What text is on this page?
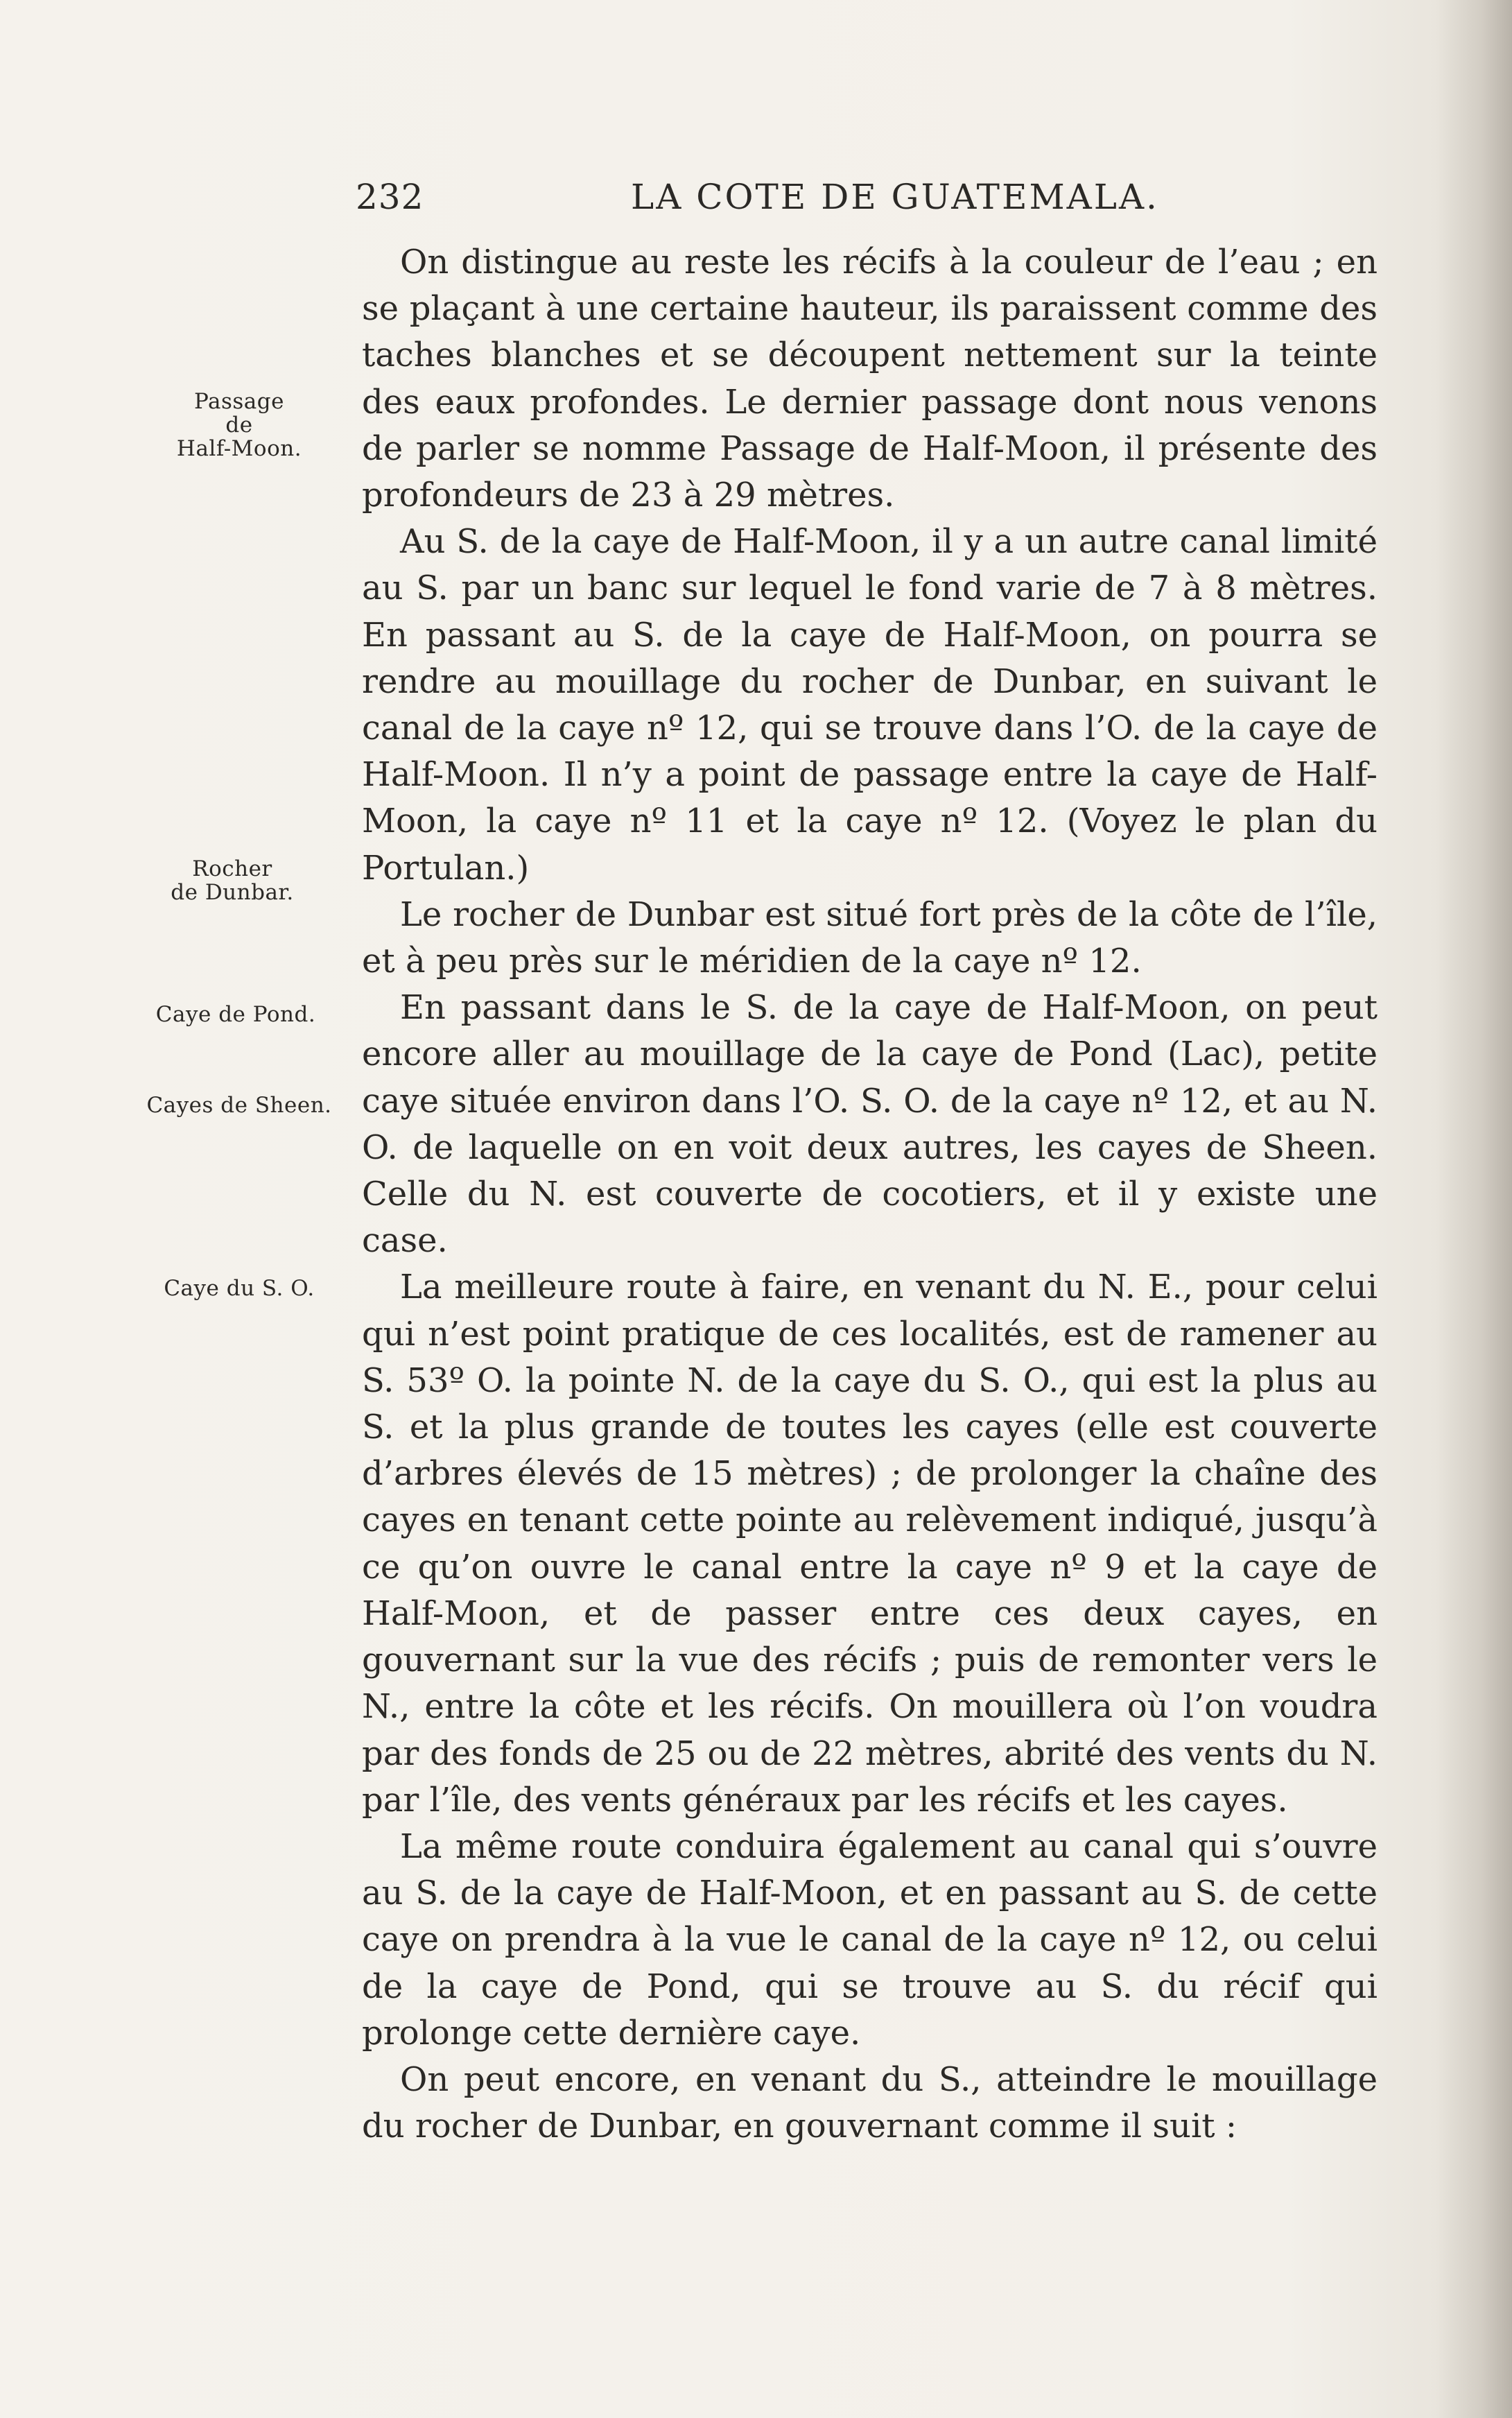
232	LA COTE DE GUATEMALA.
Passage
de
Half-Moon.
Rocher
de Dunbar.
Caye de Pond.
Cayes de Sheen.
Caye du S. O.

On distingue au reste les récifs à la couleur de l’eau ; en se plaçant à une certaine hauteur, ils paraissent comme des taches blanches et se découpent nettement sur la teinte des eaux profondes. Le dernier passage dont nous venons de parler se nomme Passage de Half-Moon, il présente des profondeurs de 23 à 29 mètres.

Au S. de la caye de Half-Moon, il y a un autre canal limité au S. par un banc sur lequel le fond varie de 7 à 8 mètres. En passant au S. de la caye de Half-Moon, on pourra se rendre au mouillage du rocher de Dunbar, en suivant le canal de la caye nº 12, qui se trouve dans l’O. de la caye de Half-Moon. Il n’y a point de passage entre la caye de Half-Moon, la caye nº 11 et la caye nº 12. (Voyez le plan du Portulan.)

Le rocher de Dunbar est situé fort près de la côte de l’île, et à peu près sur le méridien de la caye nº 12.

En passant dans le S. de la caye de Half-Moon, on peut encore aller au mouillage de la caye de Pond (Lac), petite caye située environ dans l’O. S. O. de la caye nº 12, et au N. O. de laquelle on en voit deux autres, les cayes de Sheen. Celle du N. est couverte de cocotiers, et il y existe une case.

La meilleure route à faire, en venant du N. E., pour celui qui n’est point pratique de ces localités, est de ramener au S. 53º O. la pointe N. de la caye du S. O., qui est la plus au S. et la plus grande de toutes les cayes (elle est couverte d’arbres élevés de 15 mètres) ; de prolonger la chaîne des cayes en tenant cette pointe au relèvement indiqué, jusqu’à ce qu’on ouvre le canal entre la caye nº 9 et la caye de Half-Moon, et de passer entre ces deux cayes, en gouvernant sur la vue des récifs ; puis de remonter vers le N., entre la côte et les récifs. On mouillera où l’on voudra par des fonds de 25 ou de 22 mètres, abrité des vents du N. par l’île, des vents généraux par les récifs et les cayes.

La même route conduira également au canal qui s’ouvre au S. de la caye de Half-Moon, et en passant au S. de cette caye on prendra à la vue le canal de la caye nº 12, ou celui de la caye de Pond, qui se trouve au S. du récif qui prolonge cette dernière caye.

On peut encore, en venant du S., atteindre le mouillage du rocher de Dunbar, en gouvernant comme il suit :
